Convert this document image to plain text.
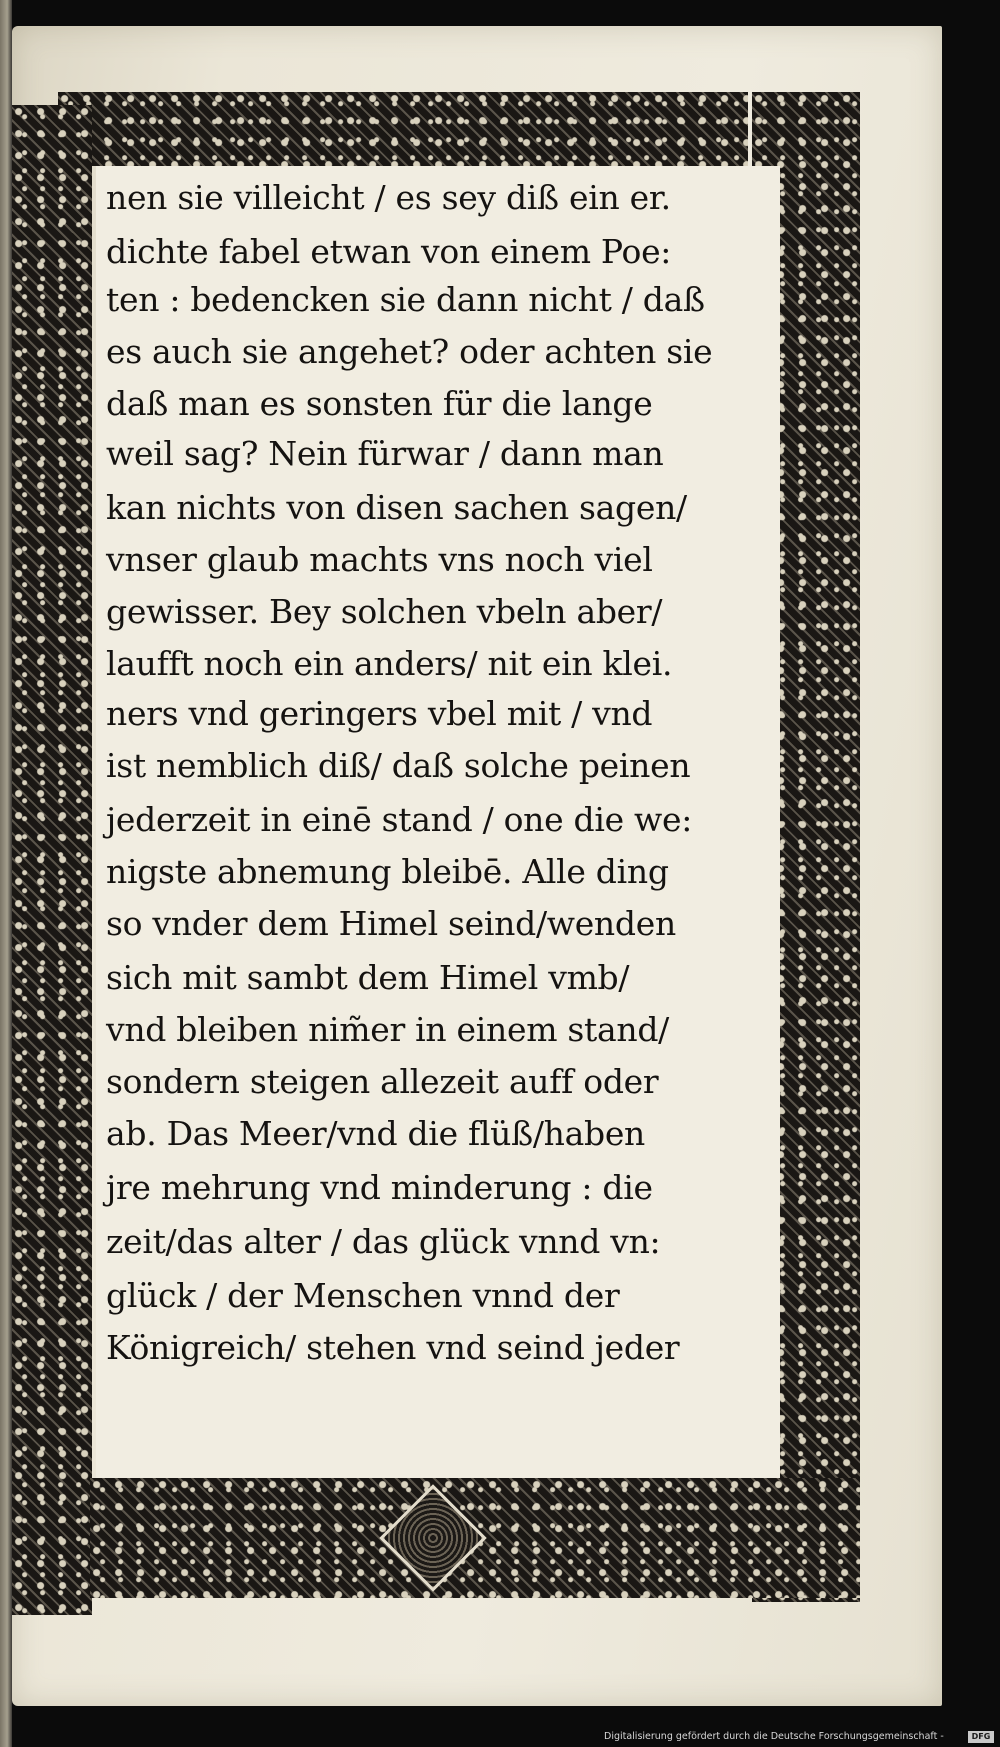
nen sie villeicht / es sey diß ein er.
dichte fabel etwan von einem Poe:
ten : bedencken sie dann nicht / daß
es auch sie angehet? oder achten sie
daß man es sonsten für die lange
weil sag? Nein fürwar / dann man
kan nichts von disen sachen sagen/
vnser glaub machts vns noch viel
gewisser. Bey solchen vbeln aber/
laufft noch ein anders/ nit ein klei.
ners vnd geringers vbel mit / vnd
ist nemblich diß/ daß solche peinen
jederzeit in einē stand / one die we:
nigste abnemung bleibē. Alle ding
so vnder dem Himel seind/wenden
sich mit sambt dem Himel vmb/
vnd bleiben nim̃er in einem stand/
sondern steigen allezeit auff oder
ab. Das Meer/vnd die flüß/haben
jre mehrung vnd minderung : die
zeit/das alter / das glück vnnd vn:
glück / der Menschen vnnd der
Königreich/ stehen vnd seind jeder
Digitalisierung gefördert durch die Deutsche Forschungsgemeinschaft -	DFG
